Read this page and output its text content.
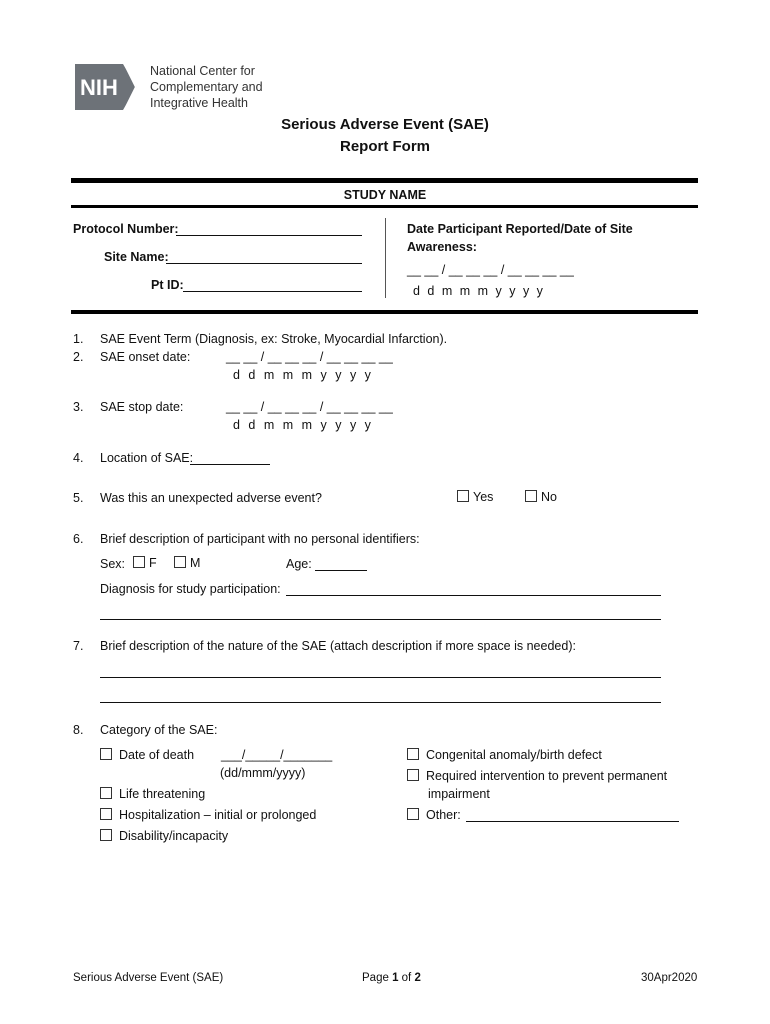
NIH
National Center for
Complementary and
Integrative Health
Serious Adverse Event (SAE)
Report Form
STUDY NAME
Protocol Number:
Site Name:
Pt ID:
Date Participant Reported/Date of Site
Awareness:
__ __ / __ __ __ / __ __ __ __
d d m m m y y y y
1. SAE Event Term (Diagnosis, ex: Stroke, Myocardial Infarction).
2. SAE onset date:	__ __ / __ __ __ / __ __ __ __
d d m m m y y y y
3. SAE stop date:	__ __ / __ __ __ / __ __ __ __
d d m m m y y y y
4. Location of SAE:
5. Was this an unexpected adverse event?	Yes	No
6. Brief description of participant with no personal identifiers:
Sex:	F	M	Age:
Diagnosis for study participation:
7. Brief description of the nature of the SAE (attach description if more space is needed):
8. Category of the SAE:
Date of death ___/_____/_______
(dd/mmm/yyyy)
Life threatening
Hospitalization – initial or prolonged
Disability/incapacity
Congenital anomaly/birth defect
Required intervention to prevent permanent
impairment
Other:
Serious Adverse Event (SAE)	Page 1 of 2	30Apr2020
